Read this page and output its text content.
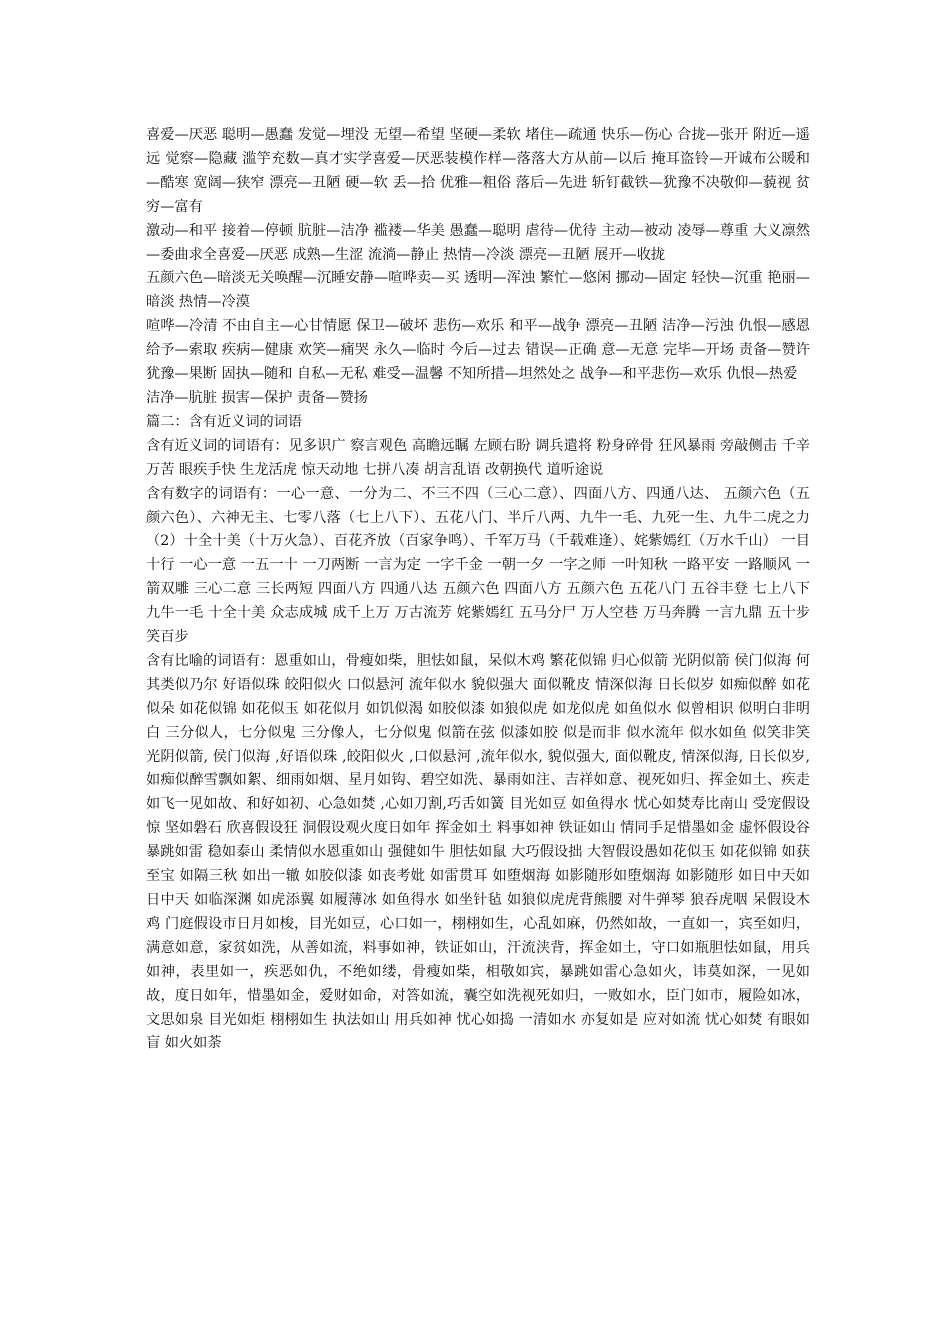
喜爱—厌恶 聪明—愚蠢 发觉—埋没 无望—希望 坚硬—柔软 堵住—疏通 快乐—伤心 合拢—张开 附近—遥远 觉察—隐藏 滥竽充数—真才实学喜爱—厌恶装模作样—落落大方从前—以后 掩耳盗铃—开诚布公暖和—酷寒 宽阔—狭窄 漂亮—丑陋 硬—软 丢—拾 优雅—粗俗 落后—先进 斩钉截铁—犹豫不决敬仰—藐视 贫穷—富有

激动—和平 接着—停顿 肮脏—洁净 褴褛—华美 愚蠢—聪明 虐待—优待 主动—被动 凌辱—尊重 大义凛然—委曲求全喜爱—厌恶 成熟—生涩 流淌—静止 热情—冷淡 漂亮—丑陋 展开—收拢

五颜六色—暗淡无关唤醒—沉睡安静—喧哗卖—买 透明—浑浊 繁忙—悠闲 挪动—固定 轻快—沉重 艳丽—暗淡 热情—冷漠

喧哗—冷清 不由自主—心甘情愿 保卫—破坏 悲伤—欢乐 和平—战争 漂亮—丑陋 洁净—污浊 仇恨—感恩 给予—索取 疾病—健康 欢笑—痛哭 永久—临时 今后—过去 错误—正确 意—无意 完毕—开场 责备—赞许 犹豫—果断 固执—随和 自私—无私 难受—温馨 不知所措—坦然处之 战争—和平悲伤—欢乐 仇恨—热爱

洁净—肮脏 损害—保护 责备—赞扬

篇二：含有近义词的词语

含有近义词的词语有：见多识广 察言观色 高瞻远瞩 左顾右盼 调兵遣将 粉身碎骨 狂风暴雨 旁敲侧击 千辛万苦 眼疾手快 生龙活虎 惊天动地 七拼八凑 胡言乱语 改朝换代 道听途说

含有数字的词语有：一心一意、一分为二、不三不四（三心二意）、四面八方、四通八达、 五颜六色（五颜六色）、六神无主、七零八落（七上八下）、五花八门、半斤八两、九牛一毛、九死一生、九牛二虎之力 （2）十全十美（十万火急）、百花齐放（百家争鸣）、千军万马（千载难逢）、姹紫嫣红（万水千山） 一目十行 一心一意 一五一十 一刀两断 一言为定 一字千金 一朝一夕 一字之师 一叶知秋 一路平安 一路顺风 一箭双雕 三心二意 三长两短 四面八方 四通八达 五颜六色 四面八方 五颜六色 五花八门 五谷丰登 七上八下 九牛一毛 十全十美 众志成城 成千上万 万古流芳 姹紫嫣红 五马分尸 万人空巷 万马奔腾 一言九鼎 五十步笑百步

含有比喻的词语有：恩重如山，骨瘦如柴，胆怯如鼠，呆似木鸡 繁花似锦 归心似箭 光阴似箭 侯门似海 何其类似乃尔 好语似珠 皎阳似火 口似悬河 流年似水 貌似强大 面似靴皮 情深似海 日长似岁 如痴似醉 如花似朵 如花似锦 如花似玉 如花似月 如饥似渴 如胶似漆 如狼似虎 如龙似虎 如鱼似水 似曾相识 似明白非明白 三分似人，七分似鬼 三分像人，七分似鬼 似箭在弦 似漆如胶 似是而非 似水流年 似水如鱼 似笑非笑 光阴似箭, 侯门似海 ,好语似珠 ,皎阳似火 ,口似悬河 ,流年似水, 貌似强大, 面似靴皮, 情深似海, 日长似岁, 如痴似醉雪飘如絮、细雨如烟、星月如钩、碧空如洗、暴雨如注、吉祥如意、视死如归、挥金如土、疾走如飞一见如故、和好如初、心急如焚 ,心如刀割,巧舌如簧 目光如豆 如鱼得水 忧心如焚寿比南山 受宠假设惊 坚如磐石 欣喜假设狂 洞假设观火度日如年 挥金如土 料事如神 铁证如山 情同手足惜墨如金 虚怀假设谷 暴跳如雷 稳如泰山 柔情似水恩重如山 强健如牛 胆怯如鼠 大巧假设拙 大智假设愚如花似玉 如花似锦 如获至宝 如隔三秋 如出一辙 如胶似漆 如丧考妣 如雷贯耳 如堕烟海 如影随形如堕烟海 如影随形 如日中天如日中天 如临深渊 如虎添翼 如履薄冰 如鱼得水 如坐针毡 如狼似虎虎背熊腰 对牛弹琴 狼吞虎咽 呆假设木鸡 门庭假设市日月如梭，目光如豆，心口如一，栩栩如生，心乱如麻，仍然如故，一直如一，宾至如归，满意如意，家贫如洗，从善如流，料事如神，铁证如山，汗流浃背，挥金如土，守口如瓶胆怯如鼠，用兵如神，表里如一，疾恶如仇，不绝如缕，骨瘦如柴，相敬如宾，暴跳如雷心急如火，讳莫如深，一见如故，度日如年，惜墨如金，爱财如命，对答如流，囊空如洗视死如归，一败如水，臣门如市，履险如冰，文思如泉 目光如炬 栩栩如生 执法如山 用兵如神 忧心如捣 一清如水 亦复如是 应对如流 忧心如焚 有眼如盲 如火如荼
